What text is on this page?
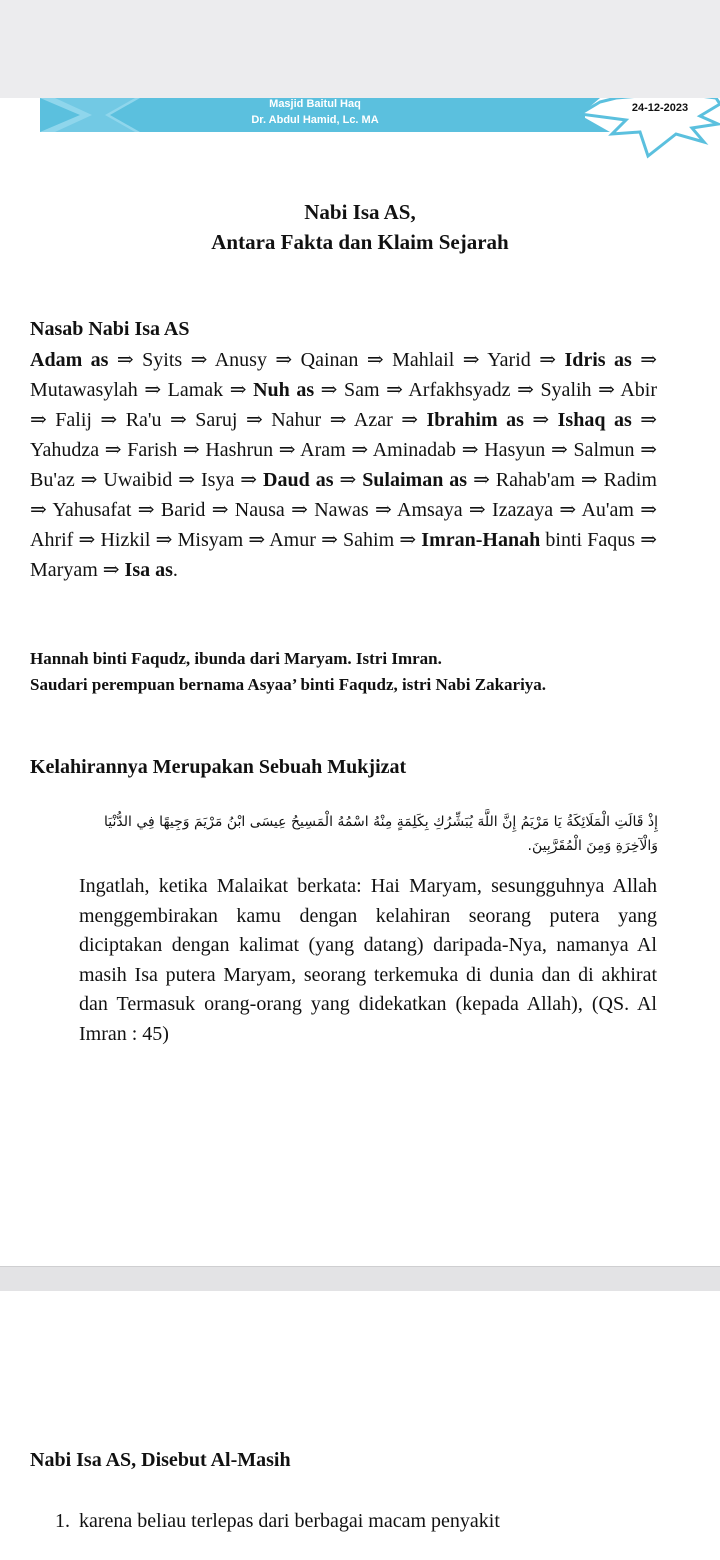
Masjid Baitul Haq
Dr. Abdul Hamid, Lc. MA
24-12-2023
Nabi Isa AS,
Antara Fakta dan Klaim Sejarah
Nasab Nabi Isa AS
Adam as ⇒ Syits ⇒ Anusy ⇒ Qainan ⇒ Mahlail ⇒ Yarid ⇒ Idris as ⇒ Mutawasylah ⇒ Lamak ⇒ Nuh as ⇒ Sam ⇒ Arfakhsyadz ⇒ Syalih ⇒ Abir ⇒ Falij ⇒ Ra'u ⇒ Saruj ⇒ Nahur ⇒ Azar ⇒ Ibrahim as ⇒ Ishaq as ⇒ Yahudza ⇒ Farish ⇒ Hashrun ⇒ Aram ⇒ Aminadab ⇒ Hasyun ⇒ Salmun ⇒ Bu'az ⇒ Uwaibid ⇒ Isya ⇒ Daud as ⇒ Sulaiman as ⇒ Rahab'am ⇒ Radim ⇒ Yahusafat ⇒ Barid ⇒ Nausa ⇒ Nawas ⇒ Amsaya ⇒ Izazaya ⇒ Au'am ⇒ Ahrif ⇒ Hizkil ⇒ Misyam ⇒ Amur ⇒ Sahim ⇒ Imran-Hanah binti Faqus ⇒ Maryam ⇒ Isa as.
Hannah binti Faqudz, ibunda dari Maryam. Istri Imran.
Saudari perempuan bernama Asyaa’ binti Faqudz, istri Nabi Zakariya.
Kelahirannya Merupakan Sebuah Mukjizat
إِذْ قَالَتِ الْمَلَائِكَةُ يَا مَرْيَمُ إِنَّ اللَّهَ يُبَشِّرُكِ بِكَلِمَةٍ مِنْهُ اسْمُهُ الْمَسِيحُ عِيسَى ابْنُ مَرْيَمَ وَجِيهًا فِي الدُّنْيَا وَالْآخِرَةِ وَمِنَ الْمُقَرَّبِينَ.
Ingatlah, ketika Malaikat berkata: Hai Maryam, sesungguhnya Allah menggembirakan kamu dengan kelahiran seorang putera yang diciptakan dengan kalimat (yang datang) daripada-Nya, namanya Al masih Isa putera Maryam, seorang terkemuka di dunia dan di akhirat dan Termasuk orang-orang yang didekatkan (kepada Allah), (QS. Al Imran : 45)
Nabi Isa AS, Disebut Al-Masih
1. karena beliau terlepas dari berbagai macam penyakit
